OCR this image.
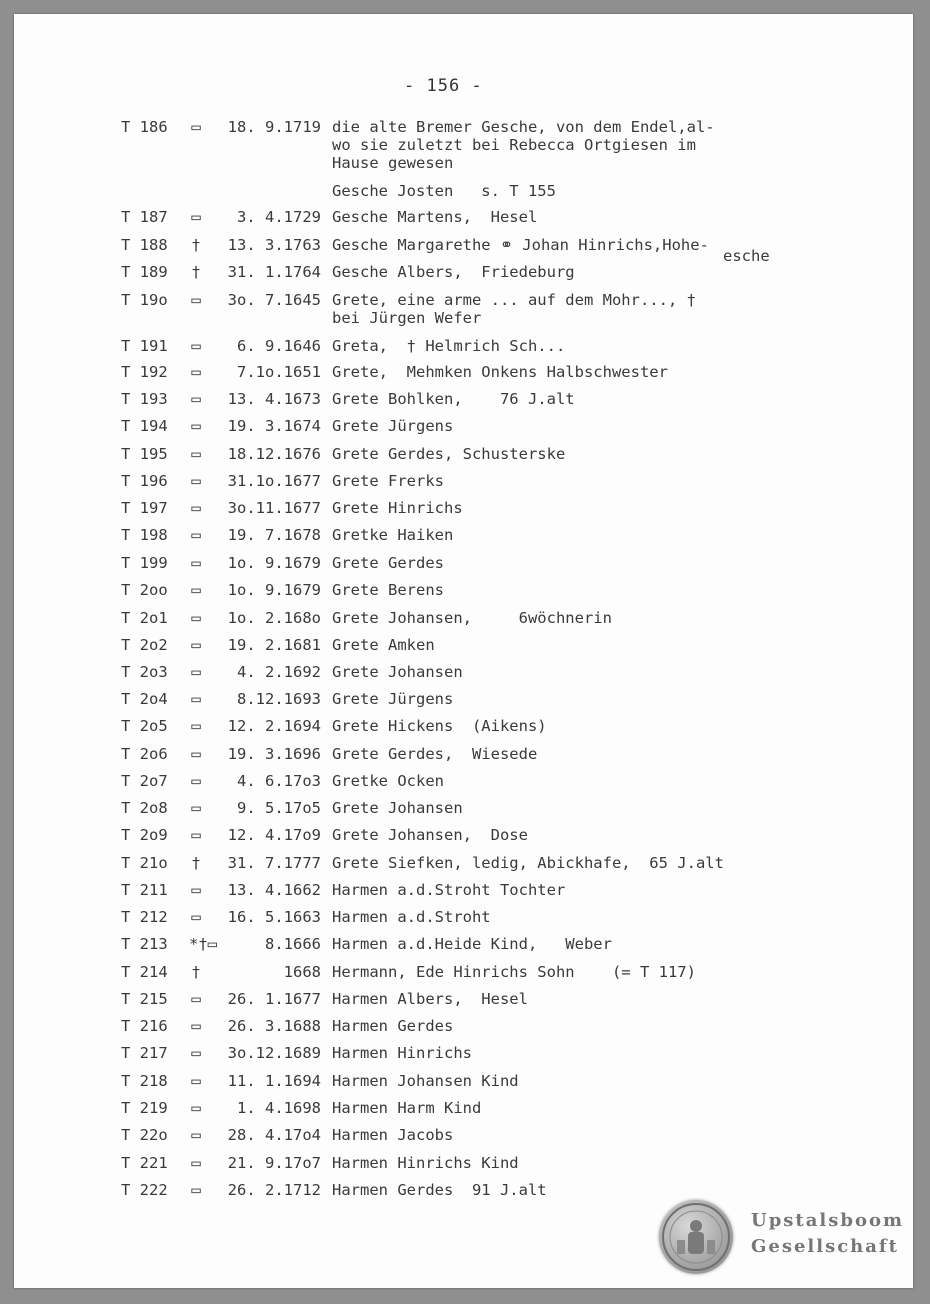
- 156 -
T 186 ▭	18. 9.1719 die alte Bremer Gesche, von dem Endel,al-
wo sie zuletzt bei Rebecca Ortgiesen im
Hause gewesen
Gesche Josten   s. T 155
T 187 ▭	3. 4.1729 Gesche Martens,  Hesel
T 188 †	13. 3.1763 Gesche Margarethe ⚭ Johan Hinrichs,Hohe-
esche
T 189 †	31. 1.1764 Gesche Albers,  Friedeburg
T 19o ▭	3o. 7.1645 Grete, eine arme ... auf dem Mohr..., †
bei Jürgen Wefer
T 191 ▭	6. 9.1646 Greta,  † Helmrich Sch...
T 192 ▭	7.1o.1651 Grete,  Mehmken Onkens Halbschwester
T 193 ▭	13. 4.1673 Grete Bohlken,    76 J.alt
T 194 ▭	19. 3.1674 Grete Jürgens
T 195 ▭	18.12.1676 Grete Gerdes, Schusterske
T 196 ▭	31.1o.1677 Grete Frerks
T 197 ▭	3o.11.1677 Grete Hinrichs
T 198 ▭	19. 7.1678 Gretke Haiken
T 199 ▭	1o. 9.1679 Grete Gerdes
T 2oo ▭	1o. 9.1679 Grete Berens
T 2o1 ▭	1o. 2.168o Grete Johansen,     6wöchnerin
T 2o2 ▭	19. 2.1681 Grete Amken
T 2o3 ▭	4. 2.1692 Grete Johansen
T 2o4 ▭	8.12.1693 Grete Jürgens
T 2o5 ▭	12. 2.1694 Grete Hickens  (Aikens)
T 2o6 ▭	19. 3.1696 Grete Gerdes,  Wiesede
T 2o7 ▭	4. 6.17o3 Gretke Ocken
T 2o8 ▭	9. 5.17o5 Grete Johansen
T 2o9 ▭	12. 4.17o9 Grete Johansen,  Dose
T 21o †	31. 7.1777 Grete Siefken, ledig, Abickhafe,  65 J.alt
T 211 ▭	13. 4.1662 Harmen a.d.Stroht Tochter
T 212 ▭	16. 5.1663 Harmen a.d.Stroht
T 213 *†▭	8.1666 Harmen a.d.Heide Kind,   Weber
T 214 †	1668 Hermann, Ede Hinrichs Sohn    (= T 117)
T 215 ▭	26. 1.1677 Harmen Albers,  Hesel
T 216 ▭	26. 3.1688 Harmen Gerdes
T 217 ▭	3o.12.1689 Harmen Hinrichs
T 218 ▭	11. 1.1694 Harmen Johansen Kind
T 219 ▭	1. 4.1698 Harmen Harm Kind
T 22o ▭	28. 4.17o4 Harmen Jacobs
T 221 ▭	21. 9.17o7 Harmen Hinrichs Kind
T 222 ▭	26. 2.1712 Harmen Gerdes  91 J.alt
Upstalsboom
Gesellschaft
